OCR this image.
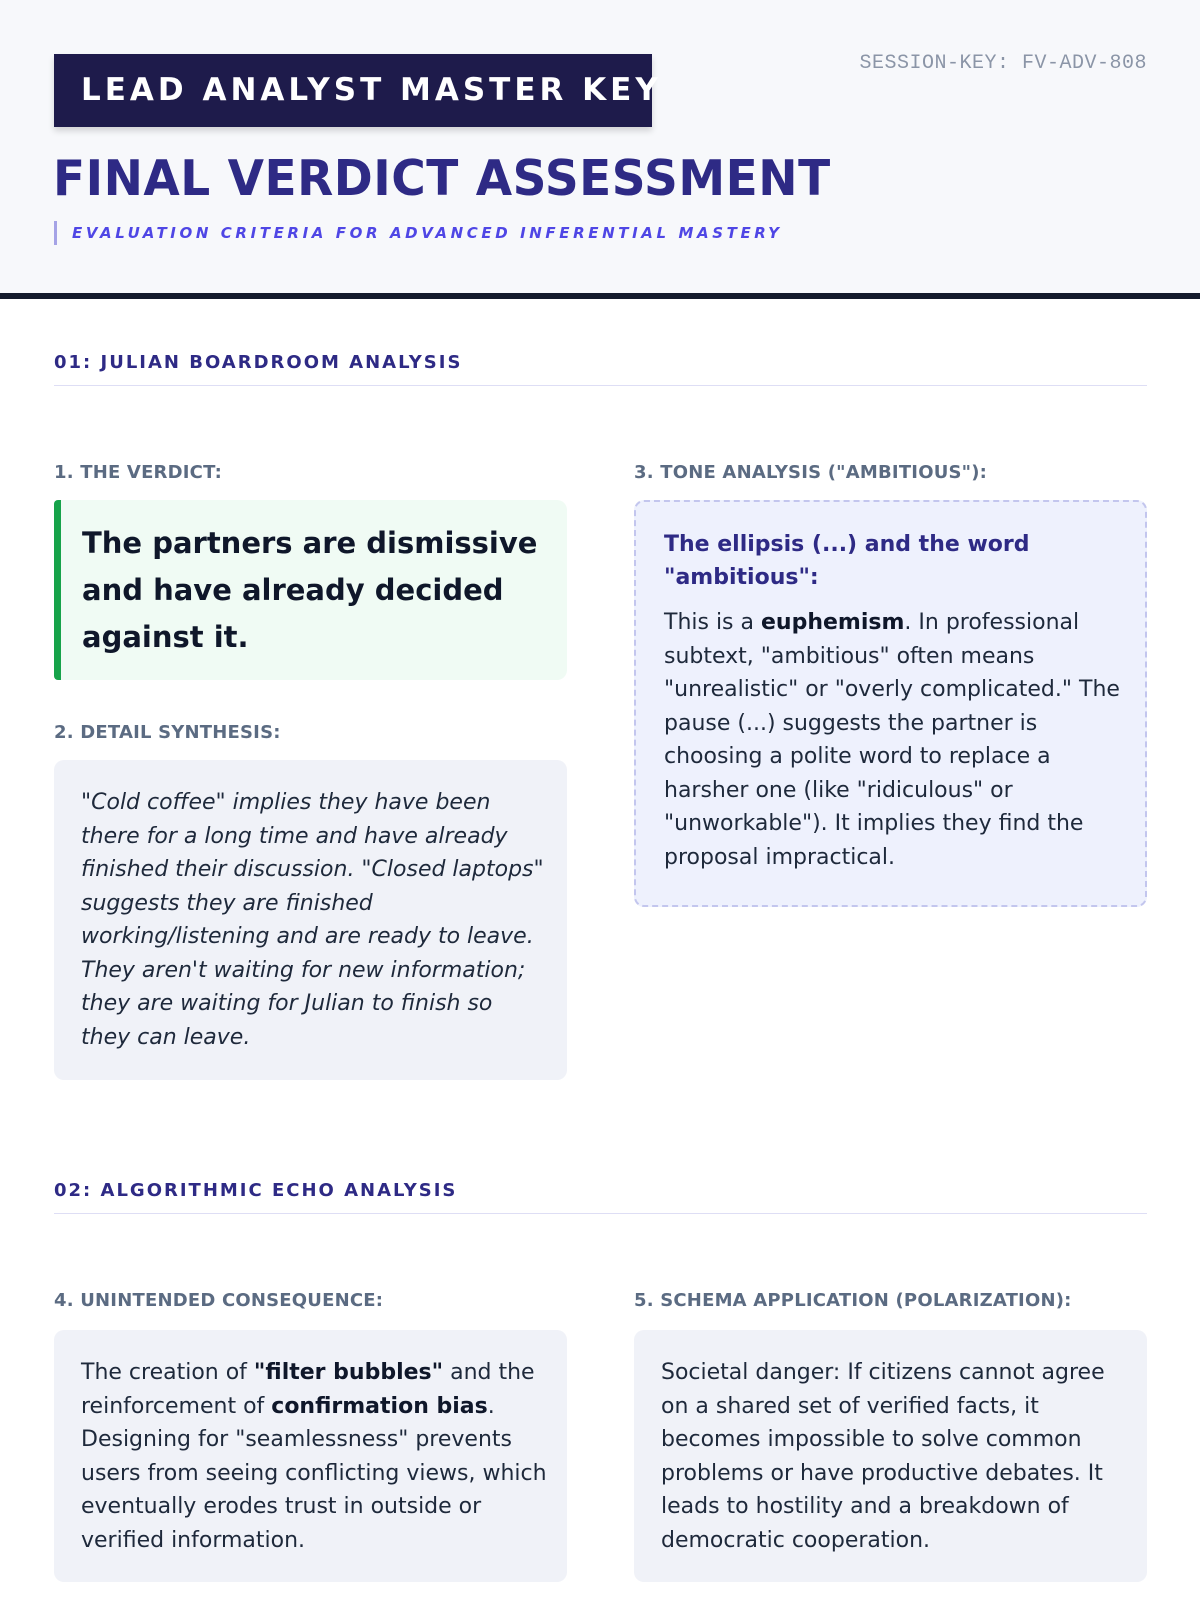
LEAD ANALYST MASTER KEY
SESSION-KEY: FV-ADV-808
FINAL VERDICT ASSESSMENT
EVALUATION CRITERIA FOR ADVANCED INFERENTIAL MASTERY
01: JULIAN BOARDROOM ANALYSIS
1. THE VERDICT:
The partners are dismissive and have already decided against it.
2. DETAIL SYNTHESIS:
"Cold coffee" implies they have been there for a long time and have already finished their discussion. "Closed laptops" suggests they are finished working/listening and are ready to leave. They aren't waiting for new information; they are waiting for Julian to finish so they can leave.
3. TONE ANALYSIS ("AMBITIOUS"):
The ellipsis (...) and the word "ambitious":
This is a euphemism. In professional subtext, "ambitious" often means "unrealistic" or "overly complicated." The pause (...) suggests the partner is choosing a polite word to replace a harsher one (like "ridiculous" or "unworkable"). It implies they find the proposal impractical.
02: ALGORITHMIC ECHO ANALYSIS
4. UNINTENDED CONSEQUENCE:
The creation of "filter bubbles" and the reinforcement of confirmation bias. Designing for "seamlessness" prevents users from seeing conflicting views, which eventually erodes trust in outside or verified information.
5. SCHEMA APPLICATION (POLARIZATION):
Societal danger: If citizens cannot agree on a shared set of verified facts, it becomes impossible to solve common problems or have productive debates. It leads to hostility and a breakdown of democratic cooperation.
